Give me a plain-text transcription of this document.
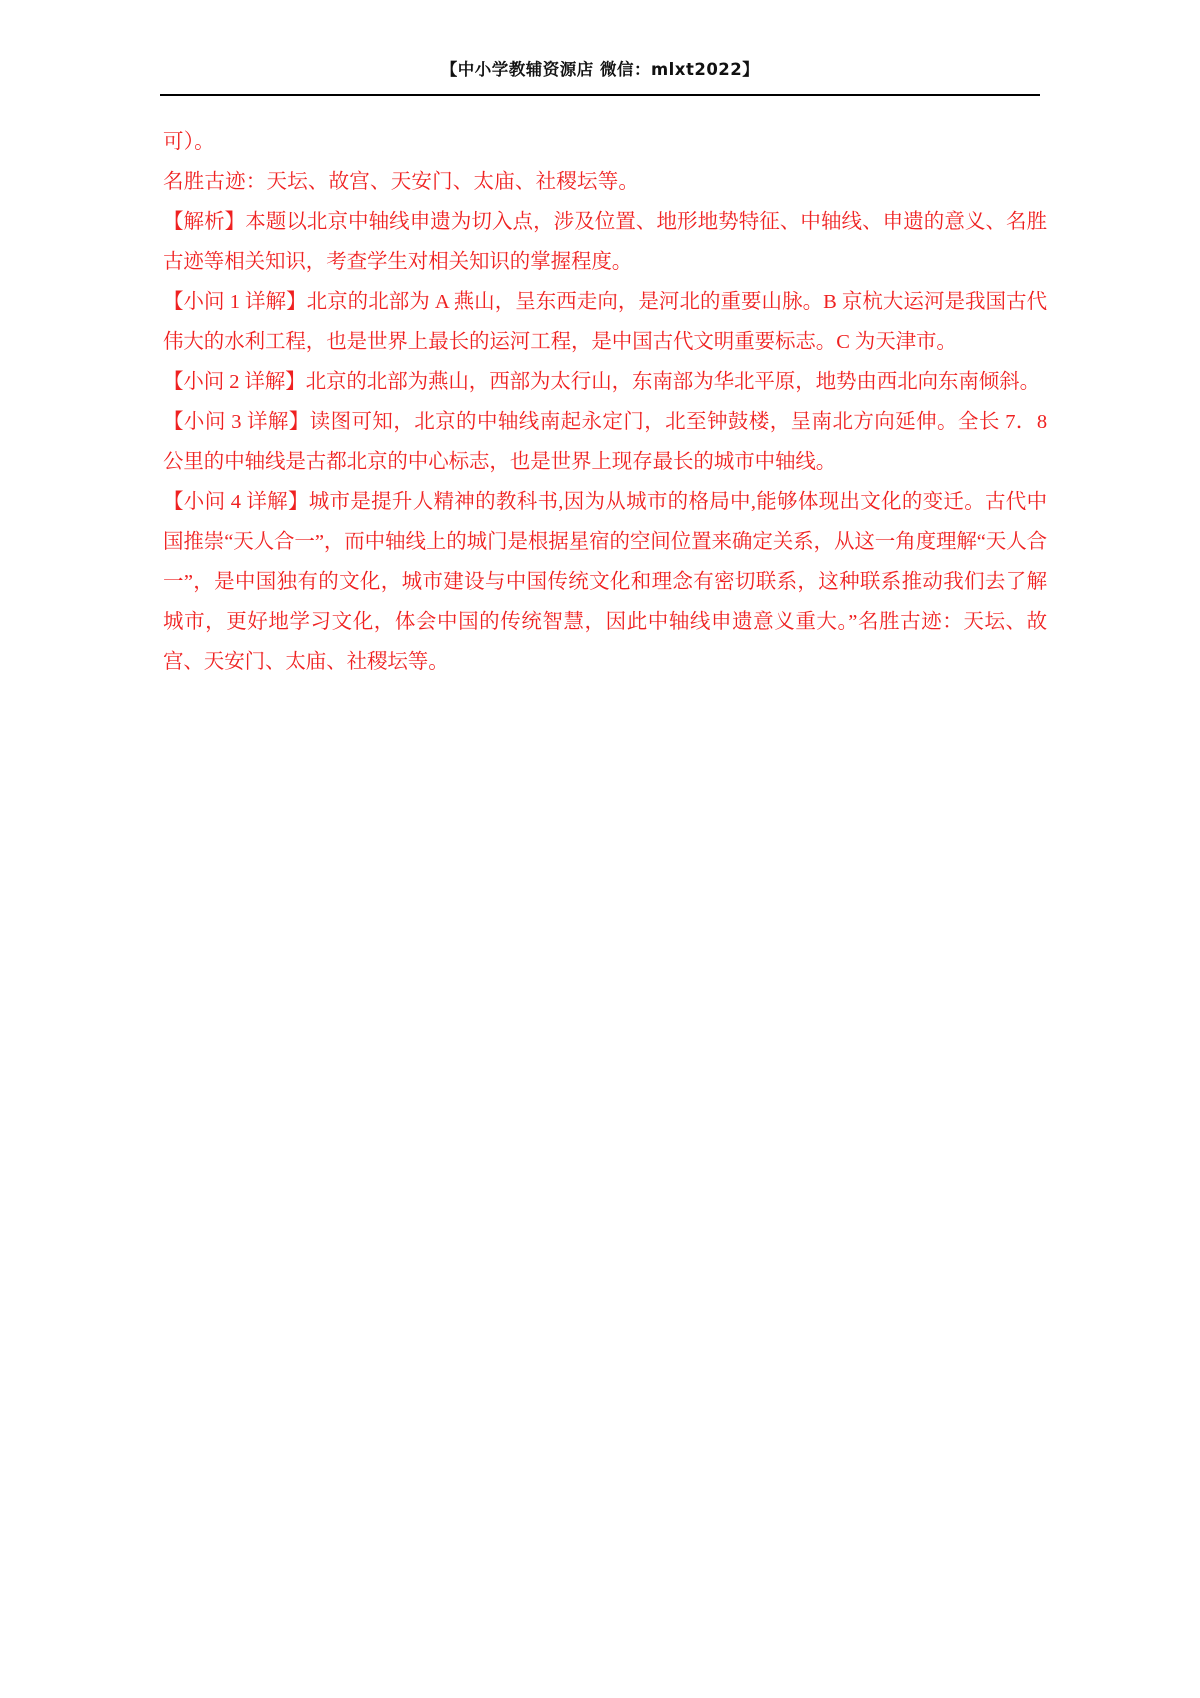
【中小学教辅资源店 微信：mlxt2022】

可）。

名胜古迹：天坛、故宫、天安门、太庙、社稷坛等。

【解析】本题以北京中轴线申遗为切入点，涉及位置、地形地势特征、中轴线、申遗的意义、名胜古迹等相关知识，考查学生对相关知识的掌握程度。

【小问 1 详解】北京的北部为 A 燕山，呈东西走向，是河北的重要山脉。B 京杭大运河是我国古代伟大的水利工程，也是世界上最长的运河工程，是中国古代文明重要标志。C 为天津市。

【小问 2 详解】北京的北部为燕山，西部为太行山，东南部为华北平原，地势由西北向东南倾斜。

【小问 3 详解】读图可知，北京的中轴线南起永定门，北至钟鼓楼，呈南北方向延伸。全长 7．8 公里的中轴线是古都北京的中心标志，也是世界上现存最长的城市中轴线。

【小问 4 详解】城市是提升人精神的教科书,因为从城市的格局中,能够体现出文化的变迁。古代中国推崇“天人合一”，而中轴线上的城门是根据星宿的空间位置来确定关系，从这一角度理解“天人合一”，是中国独有的文化，城市建设与中国传统文化和理念有密切联系，这种联系推动我们去了解城市，更好地学习文化，体会中国的传统智慧，因此中轴线申遗意义重大。”名胜古迹：天坛、故宫、天安门、太庙、社稷坛等。
